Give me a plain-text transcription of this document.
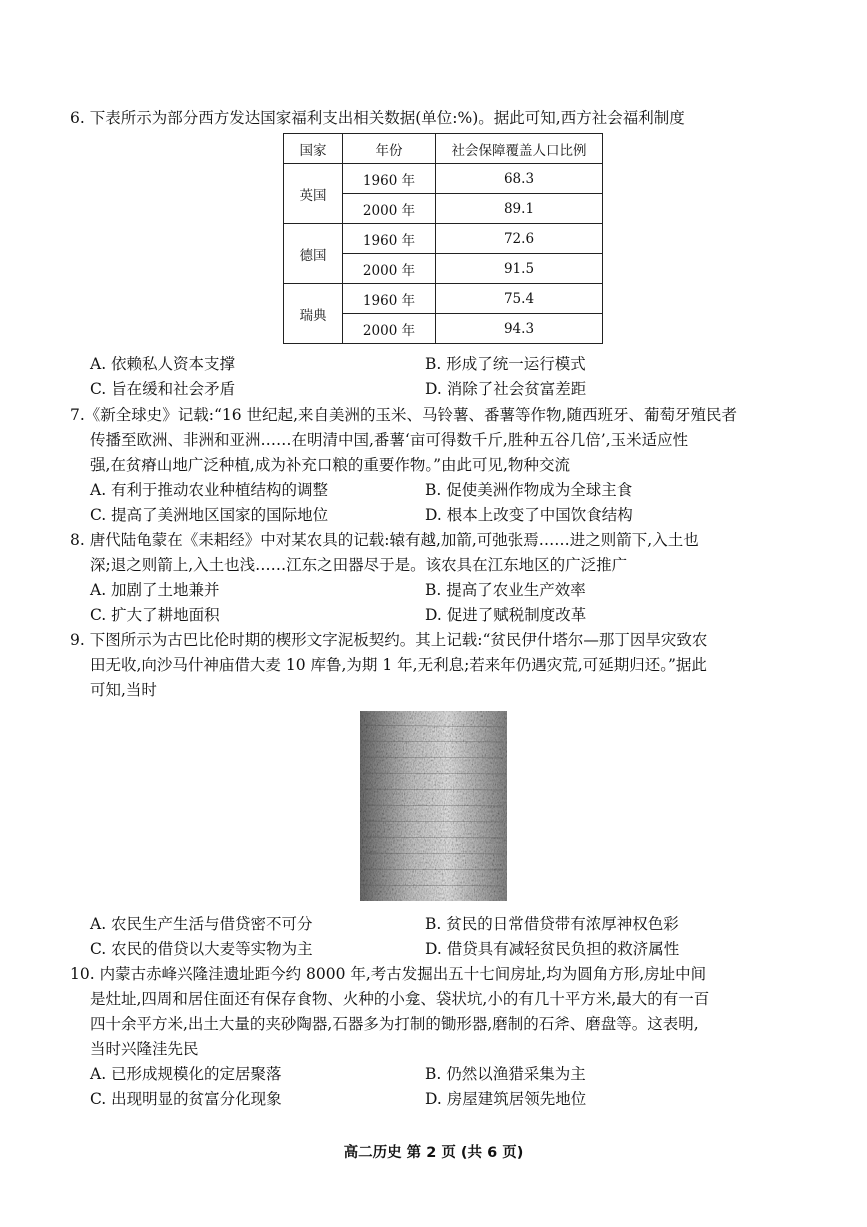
6. 下表所示为部分西方发达国家福利支出相关数据(单位:%)。据此可知,西方社会福利制度
国家	年份	社会保障覆盖人口比例
英国	1960 年	68.3
	2000 年	89.1
德国	1960 年	72.6
	2000 年	91.5
瑞典	1960 年	75.4
	2000 年	94.3
A. 依赖私人资本支撑	B. 形成了统一运行模式
C. 旨在缓和社会矛盾	D. 消除了社会贫富差距
7.《新全球史》记载:“16 世纪起,来自美洲的玉米、马铃薯、番薯等作物,随西班牙、葡萄牙殖民者
传播至欧洲、非洲和亚洲……在明清中国,番薯‘亩可得数千斤,胜种五谷几倍’,玉米适应性
强,在贫瘠山地广泛种植,成为补充口粮的重要作物。”由此可见,物种交流
A. 有利于推动农业种植结构的调整	B. 促使美洲作物成为全球主食
C. 提高了美洲地区国家的国际地位	D. 根本上改变了中国饮食结构
8. 唐代陆龟蒙在《耒耜经》中对某农具的记载:辕有越,加箭,可弛张焉……进之则箭下,入土也
深;退之则箭上,入土也浅……江东之田器尽于是。该农具在江东地区的广泛推广
A. 加剧了土地兼并	B. 提高了农业生产效率
C. 扩大了耕地面积	D. 促进了赋税制度改革
9. 下图所示为古巴比伦时期的楔形文字泥板契约。其上记载:“贫民伊什塔尔—那丁因旱灾致农
田无收,向沙马什神庙借大麦 10 库鲁,为期 1 年,无利息;若来年仍遇灾荒,可延期归还。”据此
可知,当时
A. 农民生产生活与借贷密不可分	B. 贫民的日常借贷带有浓厚神权色彩
C. 农民的借贷以大麦等实物为主	D. 借贷具有减轻贫民负担的救济属性
10. 内蒙古赤峰兴隆洼遗址距今约 8000 年,考古发掘出五十七间房址,均为圆角方形,房址中间
是灶址,四周和居住面还有保存食物、火种的小龛、袋状坑,小的有几十平方米,最大的有一百
四十余平方米,出土大量的夹砂陶器,石器多为打制的锄形器,磨制的石斧、磨盘等。这表明,
当时兴隆洼先民
A. 已形成规模化的定居聚落	B. 仍然以渔猎采集为主
C. 出现明显的贫富分化现象	D. 房屋建筑居领先地位
高二历史 第 2 页 (共 6 页)
